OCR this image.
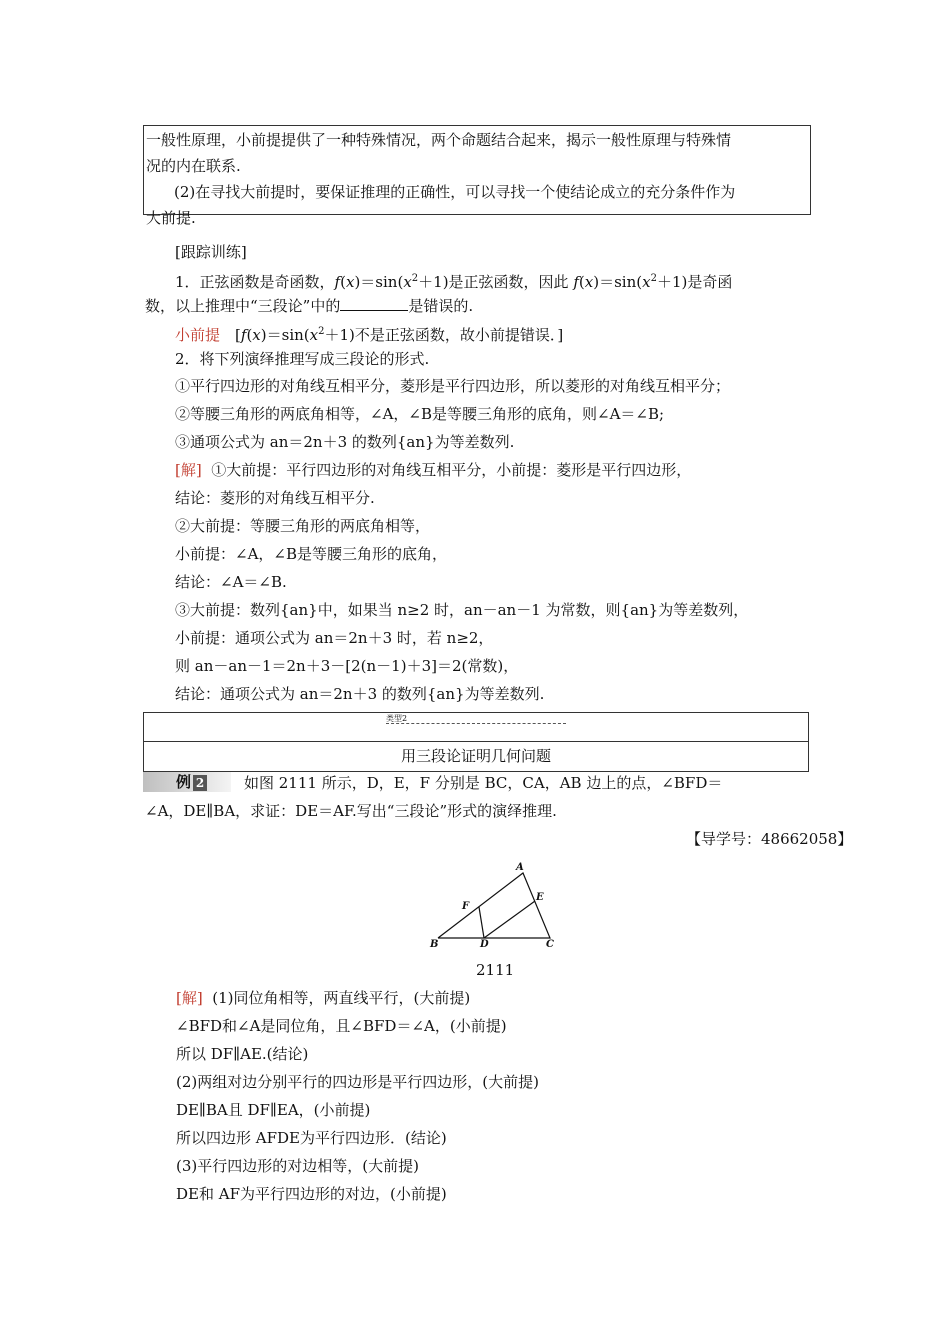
一般性原理，小前提提供了一种特殊情况，两个命题结合起来，揭示一般性原理与特殊情
况的内在联系.
(2)在寻找大前提时，要保证推理的正确性，可以寻找一个使结论成立的充分条件作为
大前提.
[跟踪训练]
1．正弦函数是奇函数，$f(x)=\sin(x^2+1)$是正弦函数，因此 $f(x)=\sin(x^2+1)$是奇函
数，以上推理中“三段论”中的	是错误的.
小前提　[$f(x)=\sin(x^2+1)$不是正弦函数，故小前提错误．]
2．将下列演绎推理写成三段论的形式.
①平行四边形的对角线互相平分，菱形是平行四边形，所以菱形的对角线互相平分；
②等腰三角形的两底角相等，∠A，∠B是等腰三角形的底角，则∠A＝∠B;
③通项公式为 an＝2n＋3 的数列{an}为等差数列.
[解] ①大前提：平行四边形的对角线互相平分，小前提：菱形是平行四边形，
结论：菱形的对角线互相平分.
②大前提：等腰三角形的两底角相等，
小前提：∠A，∠B是等腰三角形的底角，
结论：∠A＝∠B.
③大前提：数列{an}中，如果当 n≥2 时，an－an－1 为常数，则{an}为等差数列，
小前提：通项公式为 an＝2n＋3 时，若 n≥2，
则 an－an－1＝2n＋3－[2(n－1)＋3]＝2(常数)，
结论：通项公式为 an＝2n＋3 的数列{an}为等差数列.
类型2
用三段论证明几何问题
例 2	如图 2111 所示，D，E，F 分别是 BC，CA，AB 边上的点，∠BFD＝
∠A，DE∥BA，求证：DE＝AF.写出“三段论”形式的演绎推理.
【导学号：48662058】
A
B	C
D
E
F
2111
[解] (1)同位角相等，两直线平行，(大前提)
∠BFD和∠A是同位角，且∠BFD＝∠A，(小前提)
所以 DF∥AE.(结论)
(2)两组对边分别平行的四边形是平行四边形，(大前提)
DE∥BA且 DF∥EA，(小前提)
所以四边形 AFDE为平行四边形．(结论)
(3)平行四边形的对边相等，(大前提)
DE和 AF为平行四边形的对边，(小前提)
